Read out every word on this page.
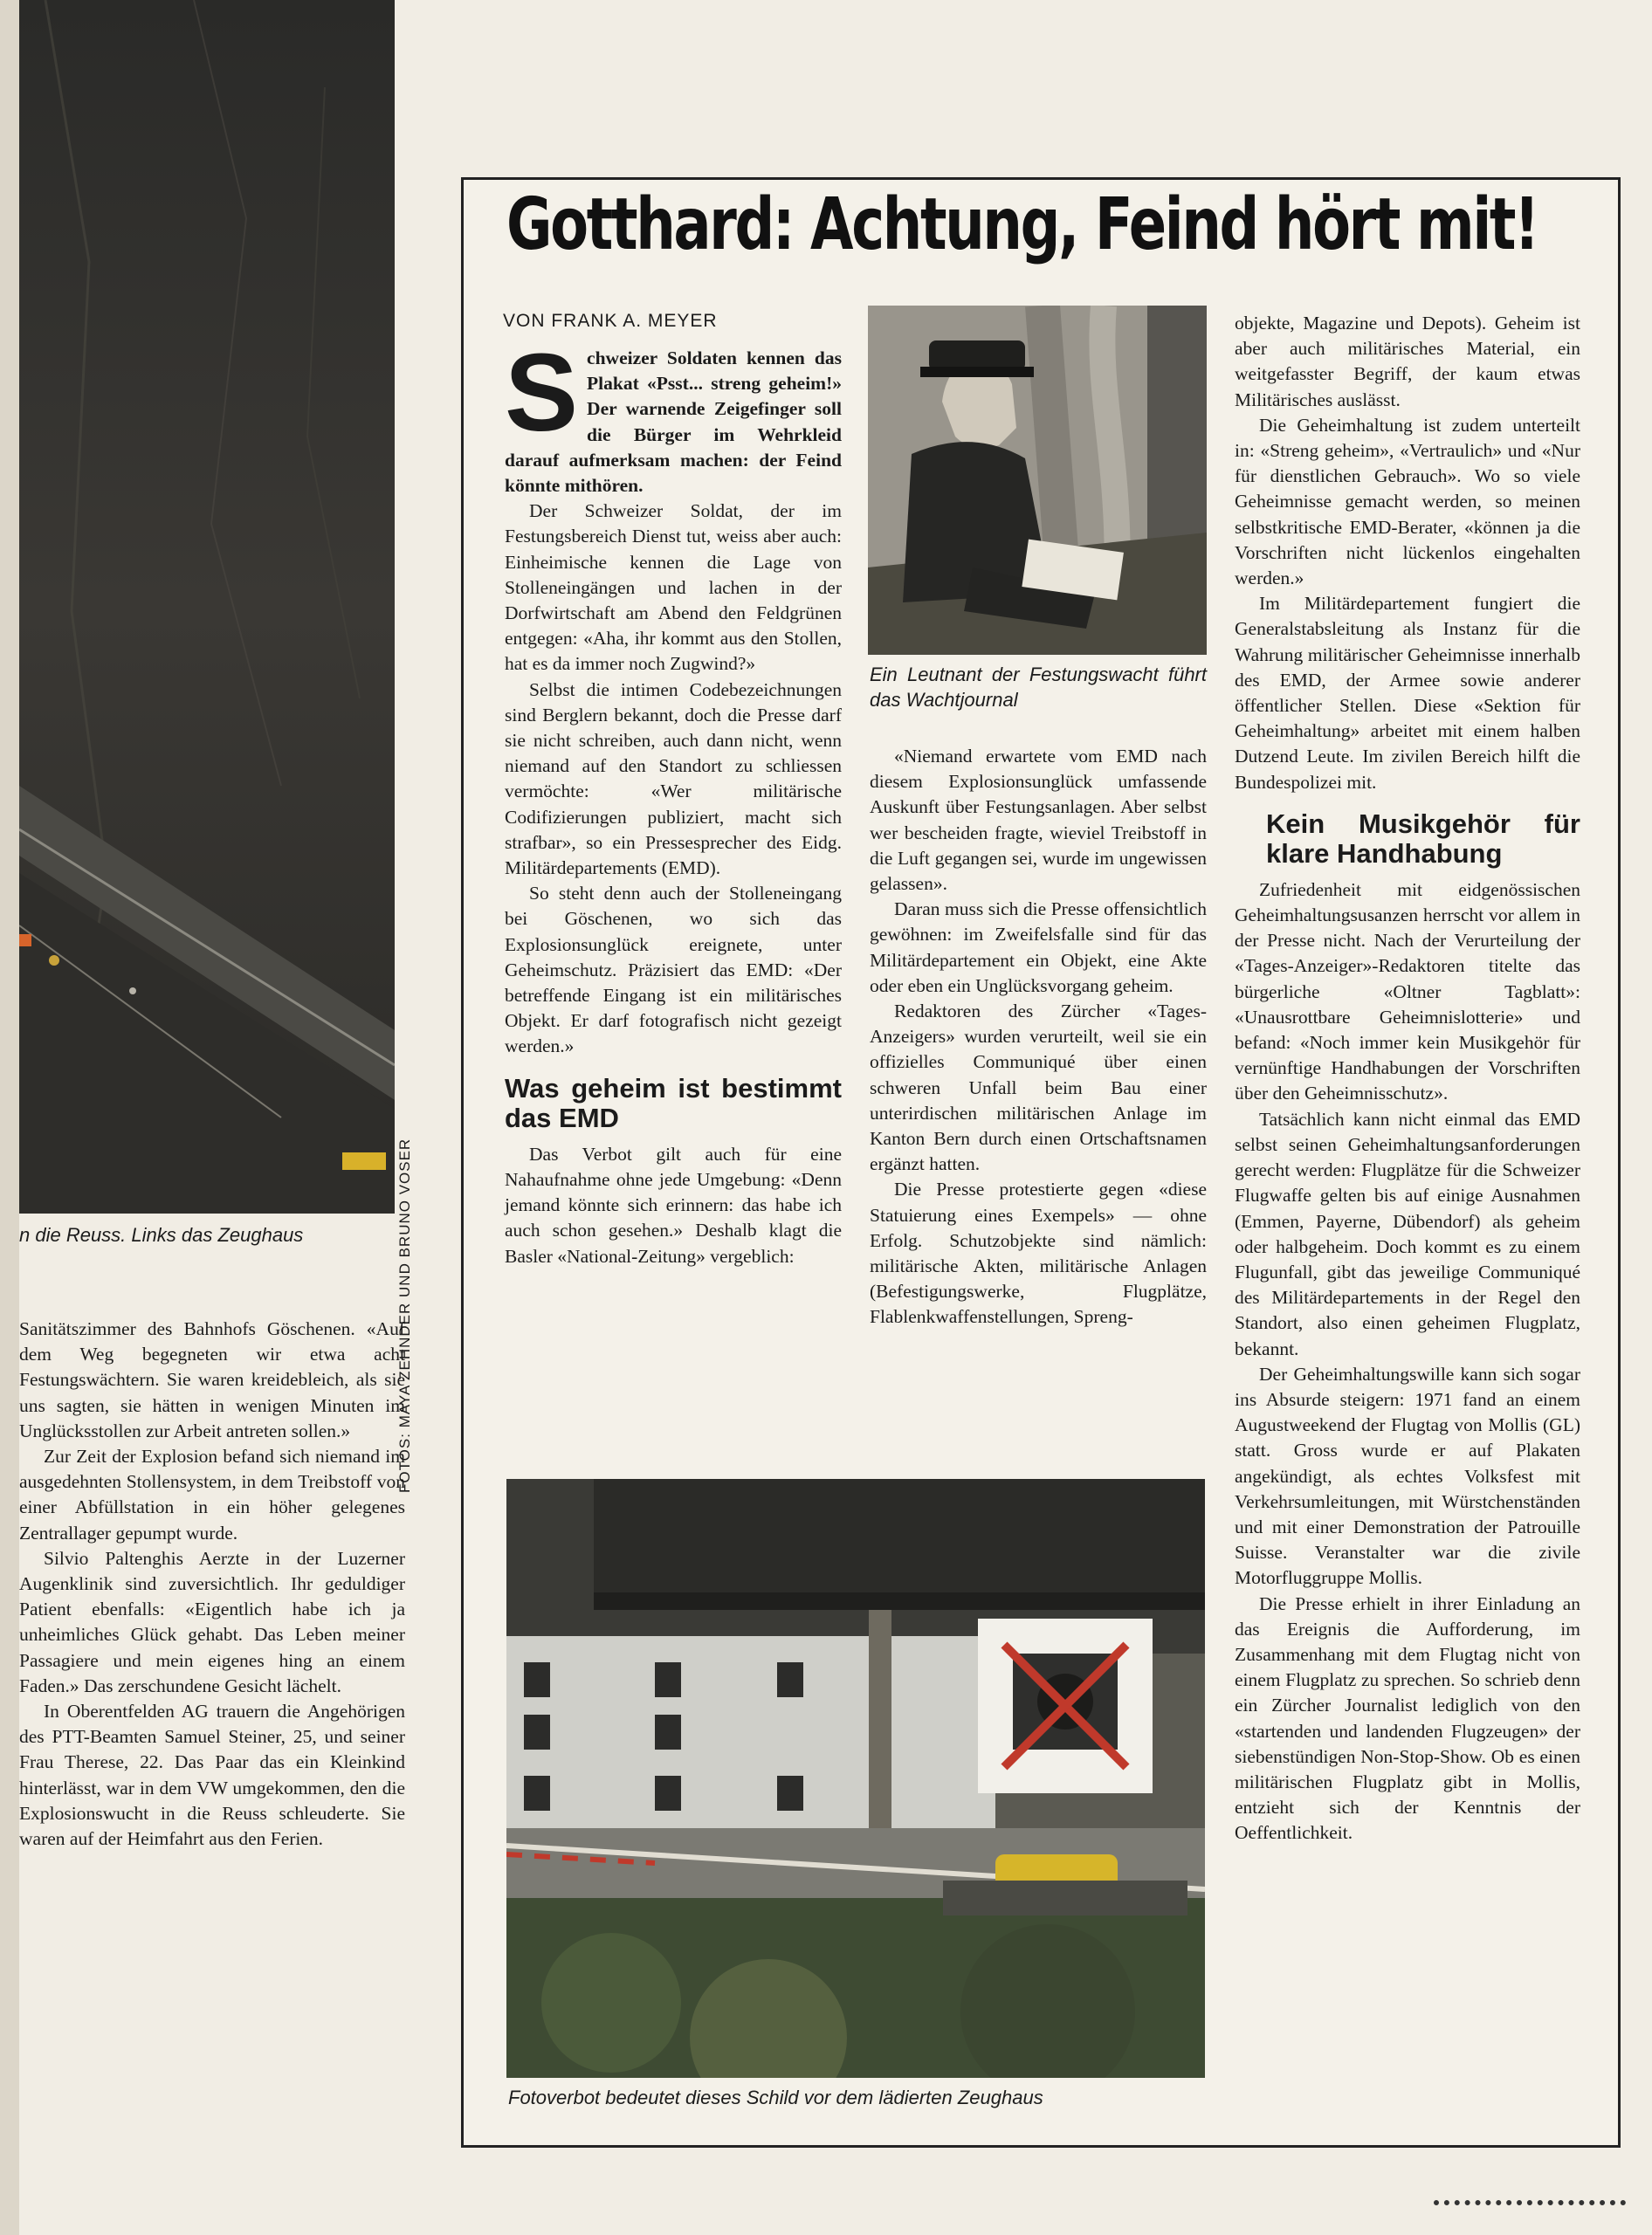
FOTOS: MAYA ZEHNDER UND BRUNO VOSER
n die Reuss. Links das Zeughaus

Sanitätszimmer des Bahnhofs Göschenen. «Auf dem Weg begegneten wir etwa acht Festungswächtern. Sie waren kreidebleich, als sie uns sagten, sie hätten in wenigen Minuten im Unglücksstollen zur Arbeit antreten sollen.»

Zur Zeit der Explosion befand sich niemand im ausgedehnten Stollensystem, in dem Treibstoff von einer Abfüllstation in ein höher gelegenes Zentrallager gepumpt wurde.

Silvio Paltenghis Aerzte in der Luzerner Augenklinik sind zuversichtlich. Ihr geduldiger Patient ebenfalls: «Eigentlich habe ich ja unheimliches Glück gehabt. Das Leben meiner Passagiere und mein eigenes hing an einem Faden.» Das zerschundene Gesicht lächelt.

In Oberentfelden AG trauern die Angehörigen des PTT-Beamten Samuel Steiner, 25, und seiner Frau Therese, 22. Das Paar das ein Kleinkind hinterlässt, war in dem VW umgekommen, den die Explosionswucht in die Reuss schleuderte. Sie waren auf der Heimfahrt aus den Ferien.

Gotthard: Achtung, Feind hört mit!
VON FRANK A. MEYER

Schweizer Soldaten kennen das Plakat «Psst... streng geheim!» Der warnende Zeigefinger soll die Bürger im Wehrkleid darauf aufmerksam machen: der Feind könnte mithören.

Der Schweizer Soldat, der im Festungsbereich Dienst tut, weiss aber auch: Einheimische kennen die Lage von Stolleneingängen und lachen in der Dorfwirtschaft am Abend den Feldgrünen entgegen: «Aha, ihr kommt aus den Stollen, hat es da immer noch Zugwind?»

Selbst die intimen Codebezeichnungen sind Berglern bekannt, doch die Presse darf sie nicht schreiben, auch dann nicht, wenn niemand auf den Standort zu schliessen vermöchte: «Wer militärische Codifizierungen publiziert, macht sich strafbar», so ein Pressesprecher des Eidg. Militärdepartements (EMD).

So steht denn auch der Stolleneingang bei Göschenen, wo sich das Explosionsunglück ereignete, unter Geheimschutz. Präzisiert das EMD: «Der betreffende Eingang ist ein militärisches Objekt. Er darf fotografisch nicht gezeigt werden.»

Was geheim ist bestimmt das EMD

Das Verbot gilt auch für eine Nahaufnahme ohne jede Umgebung: «Denn jemand könnte sich erinnern: das habe ich auch schon gesehen.» Deshalb klagt die Basler «National-Zeitung» vergeblich:

Ein Leutnant der Festungswacht führt das Wachtjournal

«Niemand erwartete vom EMD nach diesem Explosionsunglück umfassende Auskunft über Festungsanlagen. Aber selbst wer bescheiden fragte, wieviel Treibstoff in die Luft gegangen sei, wurde im ungewissen gelassen».

Daran muss sich die Presse offensichtlich gewöhnen: im Zweifelsfalle sind für das Militärdepartement ein Objekt, eine Akte oder eben ein Unglücksvorgang geheim.

Redaktoren des Zürcher «Tages-Anzeigers» wurden verurteilt, weil sie ein offizielles Communiqué über einen schweren Unfall beim Bau einer unterirdischen militärischen Anlage im Kanton Bern durch einen Ortschaftsnamen ergänzt hatten.

Die Presse protestierte gegen «diese Statuierung eines Exempels» — ohne Erfolg. Schutzobjekte sind nämlich: militärische Akten, militärische Anlagen (Befestigungswerke, Flugplätze, Flablenkwaffenstellungen, Spreng-

objekte, Magazine und Depots). Geheim ist aber auch militärisches Material, ein weitgefasster Begriff, der kaum etwas Militärisches auslässt.

Die Geheimhaltung ist zudem unterteilt in: «Streng geheim», «Vertraulich» und «Nur für dienstlichen Gebrauch». Wo so viele Geheimnisse gemacht werden, so meinen selbstkritische EMD-Berater, «können ja die Vorschriften nicht lückenlos eingehalten werden.»

Im Militärdepartement fungiert die Generalstabsleitung als Instanz für die Wahrung militärischer Geheimnisse innerhalb des EMD, der Armee sowie anderer öffentlicher Stellen. Diese «Sektion für Geheimhaltung» arbeitet mit einem halben Dutzend Leute. Im zivilen Bereich hilft die Bundespolizei mit.

Kein Musikgehör für klare Handhabung

Zufriedenheit mit eidgenössischen Geheimhaltungsusanzen herrscht vor allem in der Presse nicht. Nach der Verurteilung der «Tages-Anzeiger»-Redaktoren titelte das bürgerliche «Oltner Tagblatt»: «Unausrottbare Geheimnislotterie» und befand: «Noch immer kein Musikgehör für vernünftige Handhabungen der Vorschriften über den Geheimnisschutz».

Tatsächlich kann nicht einmal das EMD selbst seinen Geheimhaltungsanforderungen gerecht werden: Flugplätze für die Schweizer Flugwaffe gelten bis auf einige Ausnahmen (Emmen, Payerne, Dübendorf) als geheim oder halbgeheim. Doch kommt es zu einem Flugunfall, gibt das jeweilige Communiqué des Militärdepartements in der Regel den Standort, also einen geheimen Flugplatz, bekannt.

Der Geheimhaltungswille kann sich sogar ins Absurde steigern: 1971 fand an einem Augustweekend der Flugtag von Mollis (GL) statt. Gross wurde er auf Plakaten angekündigt, als echtes Volksfest mit Verkehrsumleitungen, mit Würstchenständen und mit einer Demonstration der Patrouille Suisse. Veranstalter war die zivile Motorfluggruppe Mollis.

Die Presse erhielt in ihrer Einladung an das Ereignis die Aufforderung, im Zusammenhang mit dem Flugtag nicht von einem Flugplatz zu sprechen. So schrieb denn ein Zürcher Journalist lediglich von den «startenden und landenden Flugzeugen» der siebenstündigen Non-Stop-Show. Ob es einen militärischen Flugplatz gibt in Mollis, entzieht sich der Kenntnis der Oeffentlichkeit.

Fotoverbot bedeutet dieses Schild vor dem lädierten Zeughaus
